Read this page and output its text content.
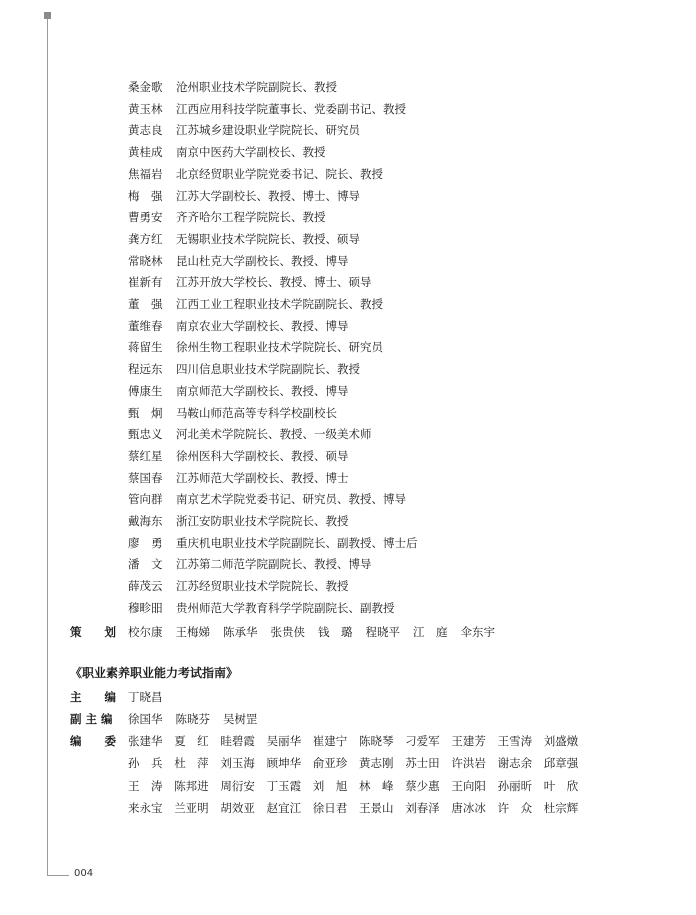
004
桑金歌 沧州职业技术学院副院长、教授
黄玉林 江西应用科技学院董事长、党委副书记、教授
黄志良 江苏城乡建设职业学院院长、研究员
黄桂成 南京中医药大学副校长、教授
焦福岩 北京经贸职业学院党委书记、院长、教授
梅　强 江苏大学副校长、教授、博士、博导
曹勇安 齐齐哈尔工程学院院长、教授
龚方红 无锡职业技术学院院长、教授、硕导
常晓林 昆山杜克大学副校长、教授、博导
崔新有 江苏开放大学校长、教授、博士、硕导
董　强 江西工业工程职业技术学院副院长、教授
董维春 南京农业大学副校长、教授、博导
蒋留生 徐州生物工程职业技术学院院长、研究员
程远东 四川信息职业技术学院副院长、教授
傅康生 南京师范大学副校长、教授、博导
甄　炯 马鞍山师范高等专科学校副校长
甄忠义 河北美术学院院长、教授、一级美术师
蔡红星 徐州医科大学副校长、教授、硕导
蔡国春 江苏师范大学副校长、教授、博士
管向群 南京艺术学院党委书记、研究员、教授、博导
戴海东 浙江安防职业技术学院院长、教授
廖　勇 重庆机电职业技术学院副院长、副教授、博士后
潘　文 江苏第二师范学院副院长、教授、博导
薛茂云 江苏经贸职业技术学院院长、教授
穆畛昍 贵州师范大学教育科学学院副院长、副教授
策　　划 校尔康 王梅娣 陈承华 张贵侠 钱　璐 程晓平 江　庭 伞东宇
《职业素养职业能力考试指南》
主　　编 丁晓昌
副 主 编 徐国华 陈晓芬 吴树罡
编　　委 张建华 夏　红 眭碧霞 吴丽华 崔建宁 陈晓琴 刁爱军 王建芳 王雪涛 刘盛燉
孙　兵 杜　萍 刘玉海 顾坤华 俞亚珍 黄志刚 苏士田 许洪岩 谢志余 邱章强
王　涛 陈邦进 周衍安 丁玉霞 刘　旭 林　峰 蔡少惠 王向阳 孙丽昕 叶　欣
来永宝 兰亚明 胡效亚 赵宜江 徐日君 王景山 刘春泽 唐冰冰 许　众 杜宗辉
